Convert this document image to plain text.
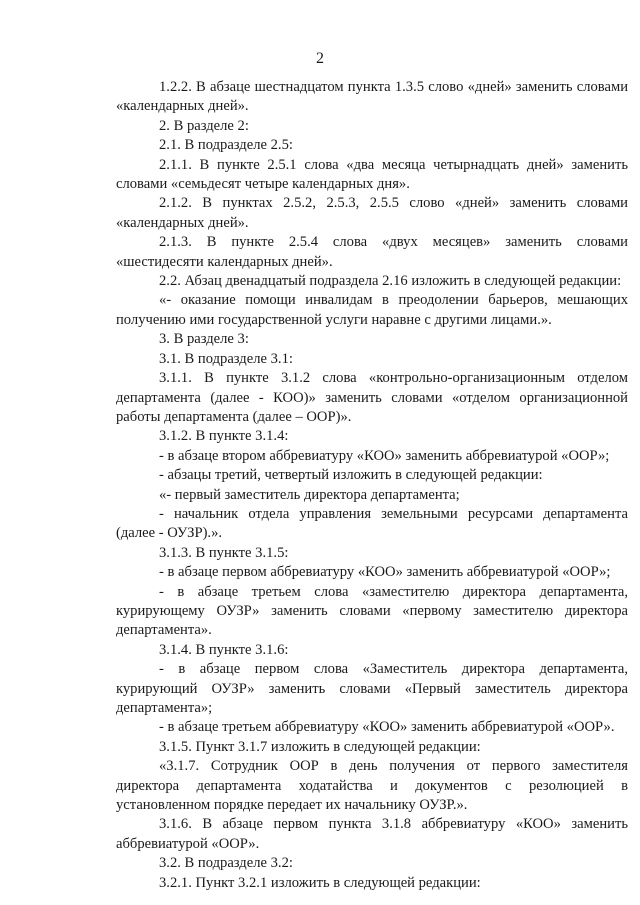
2

1.2.2. В абзаце шестнадцатом пункта 1.3.5 слово «дней» заменить словами «календарных дней».

2. В разделе 2:

2.1. В подразделе 2.5:

2.1.1. В пункте 2.5.1 слова «два месяца четырнадцать дней» заменить словами «семьдесят четыре календарных дня».

2.1.2. В пунктах 2.5.2, 2.5.3, 2.5.5 слово «дней» заменить словами «календарных дней».

2.1.3. В пункте 2.5.4 слова «двух месяцев» заменить словами «шестидесяти календарных дней».

2.2. Абзац двенадцатый подраздела 2.16 изложить в следующей редакции:

«- оказание помощи инвалидам в преодолении барьеров, мешающих получению ими государственной услуги наравне с другими лицами.».

3. В разделе 3:

3.1. В подразделе 3.1:

3.1.1. В пункте 3.1.2 слова «контрольно-организационным отделом департамента (далее - КОО)» заменить словами «отделом организационной работы департамента (далее – ООР)».

3.1.2. В пункте 3.1.4:

- в абзаце втором аббревиатуру «КОО» заменить аббревиатурой «ООР»;

- абзацы третий, четвертый изложить в следующей редакции:

«- первый заместитель директора департамента;

- начальник отдела управления земельными ресурсами департамента (далее - ОУЗР).».

3.1.3. В пункте 3.1.5:

- в абзаце первом аббревиатуру «КОО» заменить аббревиатурой «ООР»;

- в абзаце третьем слова «заместителю директора департамента, курирующему ОУЗР» заменить словами «первому заместителю директора департамента».

3.1.4. В пункте 3.1.6:

- в абзаце первом слова «Заместитель директора департамента, курирующий ОУЗР» заменить словами «Первый заместитель директора департамента»;

- в абзаце третьем аббревиатуру «КОО» заменить аббревиатурой «ООР».

3.1.5. Пункт 3.1.7 изложить в следующей редакции:

«3.1.7. Сотрудник ООР в день получения от первого заместителя директора департамента ходатайства и документов с резолюцией в установленном порядке передает их начальнику ОУЗР.».

3.1.6. В абзаце первом пункта 3.1.8 аббревиатуру «КОО» заменить аббревиатурой «ООР».

3.2. В подразделе 3.2:

3.2.1. Пункт 3.2.1 изложить в следующей редакции:
